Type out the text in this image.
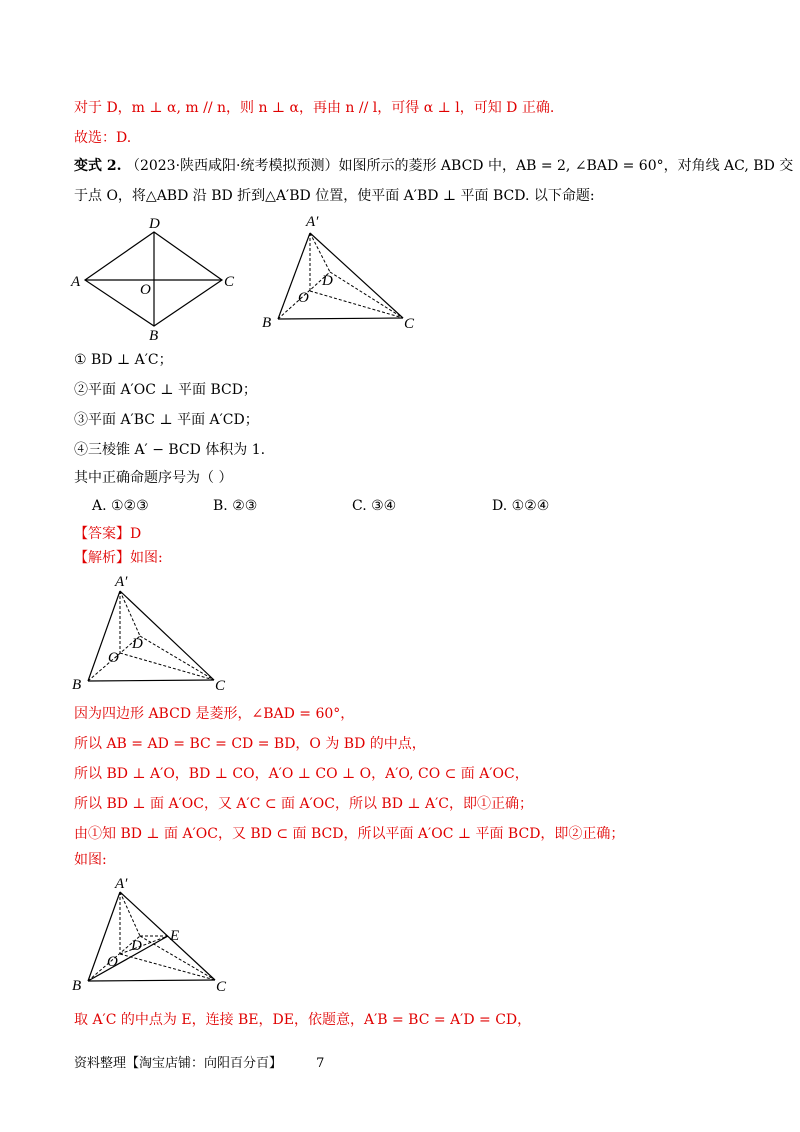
对于 D，m ⊥ α, m // n，则 n ⊥ α，再由 n // l，可得 α ⊥ l，可知 D 正确.
故选：D.
变式 2. （2023·陕西咸阳·统考模拟预测）如图所示的菱形 ABCD 中，AB = 2, ∠BAD = 60°，对角线 AC, BD 交
于点 O，将△ABD 沿 BD 折到△A′BD 位置，使平面 A′BD ⊥ 平面 BCD. 以下命题:
A
D
C
B
O
A′
B	C
D
O
① BD ⊥ A′C；
②平面 A′OC ⊥ 平面 BCD；
③平面 A′BC ⊥ 平面 A′CD；
④三棱锥 A′ − BCD 体积为 1.
其中正确命题序号为（ ）
A. ①②③	B. ②③	C. ③④	D. ①②④
【答案】D
【解析】如图:
A′
B	C
D
O
因为四边形 ABCD 是菱形，∠BAD = 60°，
所以 AB = AD = BC = CD = BD，O 为 BD 的中点，
所以 BD ⊥ A′O，BD ⊥ CO，A′O ⊥ CO ⊥ O，A′O, CO ⊂ 面 A′OC，
所以 BD ⊥ 面 A′OC，又 A′C ⊂ 面 A′OC，所以 BD ⊥ A′C，即①正确；
由①知 BD ⊥ 面 A′OC，又 BD ⊂ 面 BCD，所以平面 A′OC ⊥ 平面 BCD，即②正确；
如图:
A′
B	C
D
O
E
取 A′C 的中点为 E，连接 BE，DE，依题意，A′B = BC = A′D = CD，
资料整理【淘宝店铺：向阳百分百】	7
